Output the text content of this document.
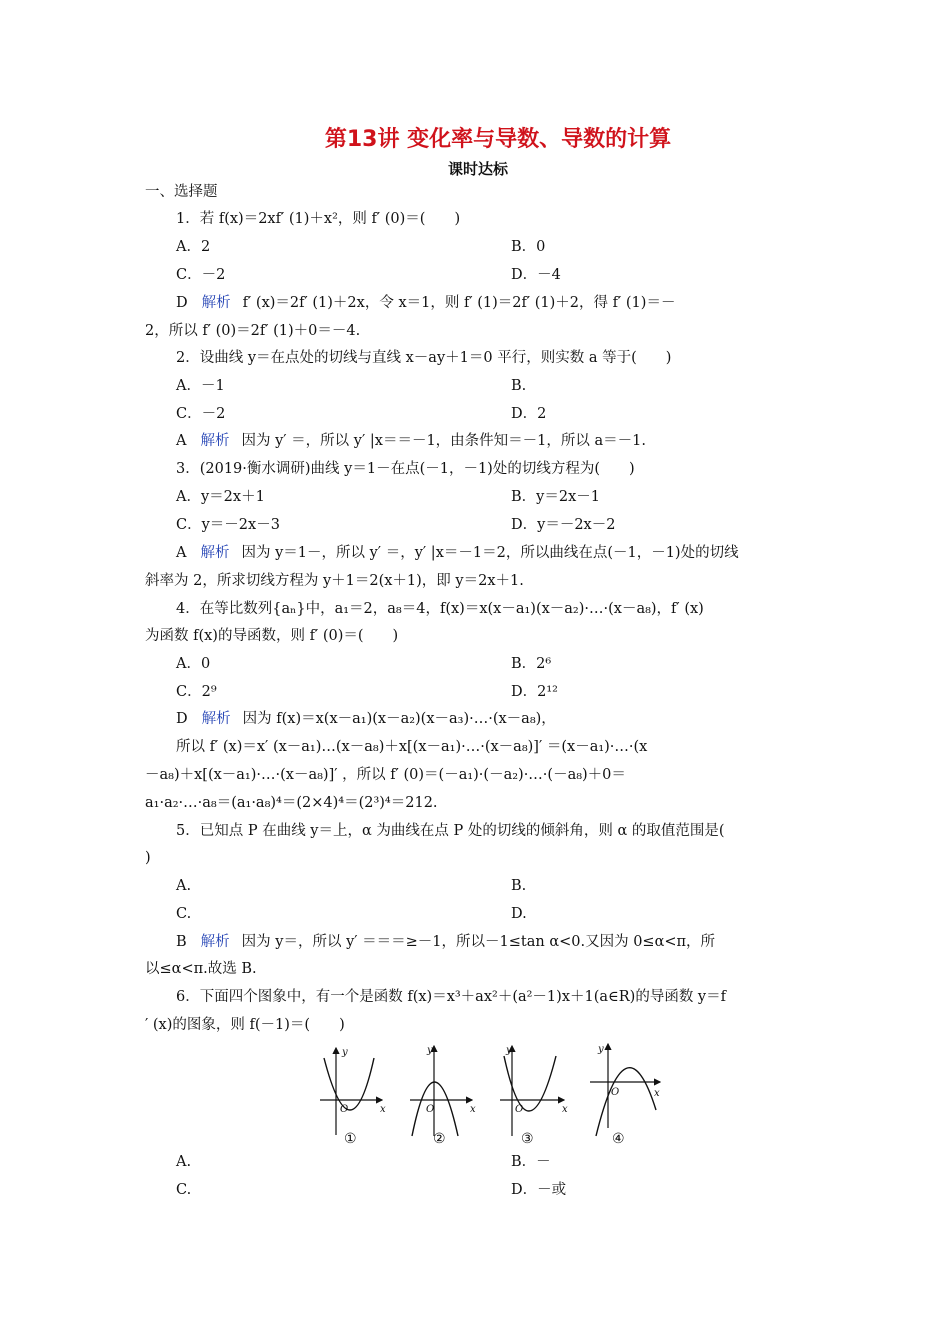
第13讲 变化率与导数、导数的计算
课时达标
一、选择题
1．若 f(x)＝2xf′ (1)＋x²，则 f′ (0)＝(　　)
A．2	B．0
C．－2	D．－4
D 解析 f′ (x)＝2f′ (1)＋2x，令 x＝1，则 f′ (1)＝2f′ (1)＋2，得 f′ (1)＝－
2，所以 f′ (0)＝2f′ (1)＋0＝－4.
2．设曲线 y＝在点处的切线与直线 x－ay＋1＝0 平行，则实数 a 等于(　　)
A．－1	B.
C．－2	D．2
A 解析 因为 y′ ＝，所以 y′ |x＝＝－1，由条件知＝－1，所以 a＝－1.
3．(2019·衡水调研)曲线 y＝1－在点(－1，－1)处的切线方程为(　　)
A．y＝2x＋1	B．y＝2x－1
C．y＝－2x－3	D．y＝－2x－2
A 解析 因为 y＝1－，所以 y′ ＝，y′ |x＝－1＝2，所以曲线在点(－1，－1)处的切线
斜率为 2，所求切线方程为 y＋1＝2(x＋1)，即 y＝2x＋1.
4．在等比数列{aₙ}中，a₁＝2，a₈＝4，f(x)＝x(x－a₁)(x－a₂)·…·(x－a₈)，f′ (x)
为函数 f(x)的导函数，则 f′ (0)＝(　　)
A．0	B．2⁶
C．2⁹	D．2¹²
D 解析 因为 f(x)＝x(x－a₁)(x－a₂)(x－a₃)·…·(x－a₈)，
所以 f′ (x)＝x′ (x－a₁)…(x－a₈)＋x[(x－a₁)·…·(x－a₈)]′ ＝(x－a₁)·…·(x
－a₈)＋x[(x－a₁)·…·(x－a₈)]′ ，所以 f′ (0)＝(－a₁)·(－a₂)·…·(－a₈)＋0＝
a₁·a₂·…·a₈＝(a₁·a₈)⁴＝(2×4)⁴＝(2³)⁴＝212.
5．已知点 P 在曲线 y＝上，α 为曲线在点 P 处的切线的倾斜角，则 α 的取值范围是(
)
A.	B.
C.	D.
B 解析 因为 y＝，所以 y′ ＝＝＝≥－1，所以－1≤tan α<0.又因为 0≤α<π，所
以≤α<π.故选 B.
6．下面四个图象中，有一个是函数 f(x)＝x³＋ax²＋(a²－1)x＋1(a∈R)的导函数 y＝f
′ (x)的图象，则 f(－1)＝(　　)
y
x
O
y
x
O
y
x
O
y
x
O
①	②	③	④
A.	B．－
C.	D．－或
